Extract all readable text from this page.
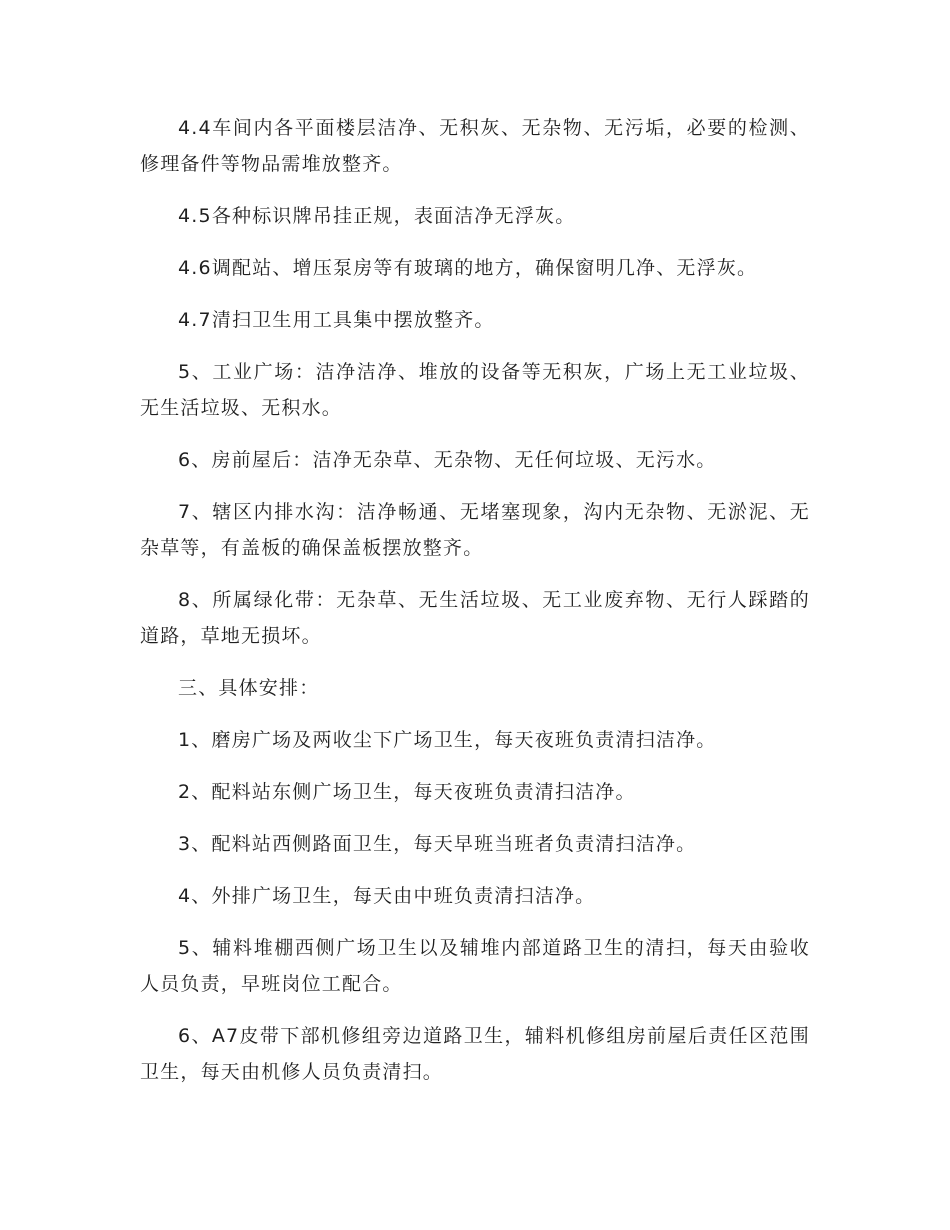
4.4车间内各平面楼层洁净、无积灰、无杂物、无污垢，必要的检测、修理备件等物品需堆放整齐。

4.5各种标识牌吊挂正规，表面洁净无浮灰。

4.6调配站、增压泵房等有玻璃的地方，确保窗明几净、无浮灰。

4.7清扫卫生用工具集中摆放整齐。

5、工业广场：洁净洁净、堆放的设备等无积灰，广场上无工业垃圾、无生活垃圾、无积水。

6、房前屋后：洁净无杂草、无杂物、无任何垃圾、无污水。

7、辖区内排水沟：洁净畅通、无堵塞现象，沟内无杂物、无淤泥、无杂草等，有盖板的确保盖板摆放整齐。

8、所属绿化带：无杂草、无生活垃圾、无工业废弃物、无行人踩踏的道路，草地无损坏。

三、具体安排：

1、磨房广场及两收尘下广场卫生，每天夜班负责清扫洁净。

2、配料站东侧广场卫生，每天夜班负责清扫洁净。

3、配料站西侧路面卫生，每天早班当班者负责清扫洁净。

4、外排广场卫生，每天由中班负责清扫洁净。

5、辅料堆棚西侧广场卫生以及辅堆内部道路卫生的清扫，每天由验收人员负责，早班岗位工配合。

6、A7皮带下部机修组旁边道路卫生，辅料机修组房前屋后责任区范围卫生，每天由机修人员负责清扫。
